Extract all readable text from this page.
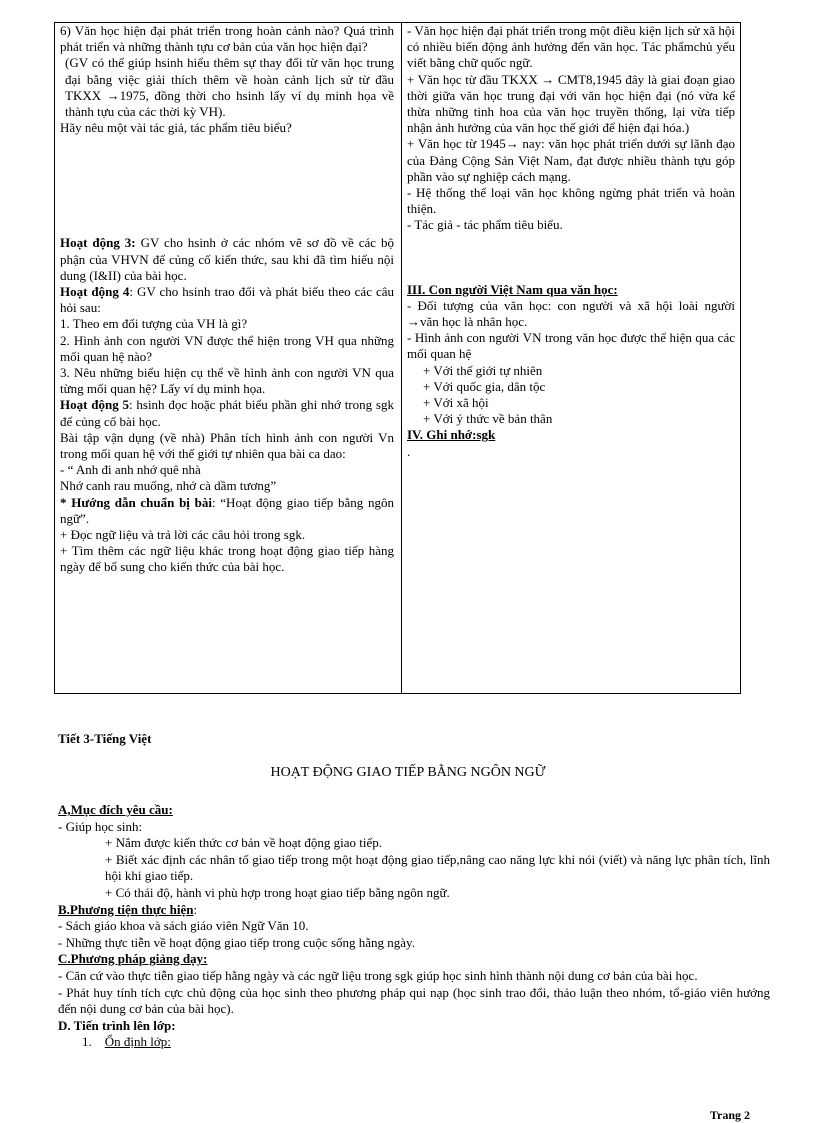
6) Văn học hiện đại phát triển trong hoàn cảnh nào? Quá trình phát triển và những thành tựu cơ bản của văn học hiện đại?

(GV có thể giúp hsinh hiểu thêm sự thay đổi từ văn học trung đại bằng việc giải thích thêm về hoàn cảnh lịch sử từ đầu TKXX →1975, đồng thời cho hsinh lấy ví dụ minh họa về thành tựu của các thời kỳ VH).

Hãy nêu một vài tác giả, tác phẩm tiêu biểu?

Hoạt động 3: GV cho hsinh ở các nhóm vẽ sơ đồ về các bộ phận của VHVN để củng cố kiến thức, sau khi đã tìm hiểu nội dung (I&II) của bài học.

Hoạt động 4: GV cho hsinh trao đổi và phát biểu theo các câu hỏi sau:

1. Theo em đối tượng của VH là gì?

2. Hình ảnh con người VN được thể hiện trong VH qua những mối quan hệ nào?

3. Nêu những biểu hiện cụ thể về hình ảnh con người VN qua từng mối quan hệ? Lấy ví dụ minh họa.

Hoạt động 5: hsinh đọc hoặc phát biểu phần ghi nhớ trong sgk để củng cố bài học.

Bài tập vận dụng (về nhà) Phân tích hình ảnh con người Vn trong mối quan hệ với thế giới tự nhiên qua bài ca dao:

- “ Anh đi anh nhớ quê nhà

Nhớ canh rau muống, nhớ cà dầm tương”

* Hướng dẫn chuẩn bị bài: “Hoạt động giao tiếp bằng ngôn ngữ”.

+ Đọc ngữ liệu và trả lời các câu hỏi trong sgk.

+ Tìm thêm các ngữ liệu khác trong hoạt động giao tiếp hàng ngày để bổ sung cho kiến thức của bài học.

- Văn học hiện đại phát triển trong một điều kiện lịch sử xã hội có nhiều biến động ảnh hưởng đến văn học. Tác phẩmchủ yếu viết bằng chữ quốc ngữ.

+ Văn học từ đầu TKXX → CMT8,1945 đây là giai đoạn giao thời giữa văn học trung đại với văn học hiện đại (nó vừa kế thừa những tinh hoa của văn học truyền thống, lại vừa tiếp nhận ảnh hưởng của văn học thế giới để hiện đại hóa.)

+ Văn học từ 1945→ nay: văn học phát triển dưới sự lãnh đạo của Đảng Cộng Sản Việt Nam, đạt được nhiều thành tựu góp phần vào sự nghiệp cách mạng.

- Hệ thống thể loại văn học không ngừng phát triển và hoàn thiện.

- Tác giả - tác phẩm tiêu biểu.

III. Con người Việt Nam qua văn học:

- Đối tượng của văn học: con người và xã hội loài người →văn học là nhân học.

- Hình ảnh con người VN trong văn học được thể hiện qua các mối quan hệ

+ Với thế giới tự nhiên

+ Với quốc gia, dân tộc

+ Với xã hội

+ Với ý thức về bản thân

IV. Ghi nhớ:sgk

.

Tiết 3-Tiếng Việt
HOẠT ĐỘNG GIAO TIẾP BẰNG NGÔN NGỮ

A,Mục đích yêu cầu:

- Giúp học sinh:

+ Nắm được kiến thức cơ bản về hoạt động giao tiếp.

+ Biết xác định các nhân tố giao tiếp trong một hoạt động giao tiếp,nâng cao năng lực khi nói (viết) và năng lực phân tích, lĩnh hội khi giao tiếp.

+ Có thái độ, hành vi phù hợp trong hoạt giao tiếp bằng ngôn ngữ.

B.Phương tiện thực hiện:

- Sách giáo khoa và sách giáo viên Ngữ Văn 10.

- Những thực tiễn về hoạt động giao tiếp trong cuộc sống hằng ngày.

C.Phương pháp giảng dạy:

- Căn cứ vào thực tiễn giao tiếp hằng ngày và các ngữ liệu trong sgk giúp học sinh hình thành nội dung cơ bản của bài học.

- Phát huy tính tích cực chủ động của học sinh theo phương pháp qui nạp (học sinh trao đổi, thảo luận theo nhóm, tổ-giáo viên hướng đến nội dung cơ bản của bài học).

D. Tiến trình lên lớp:

1. Ổn định lớp:

Trang 2
